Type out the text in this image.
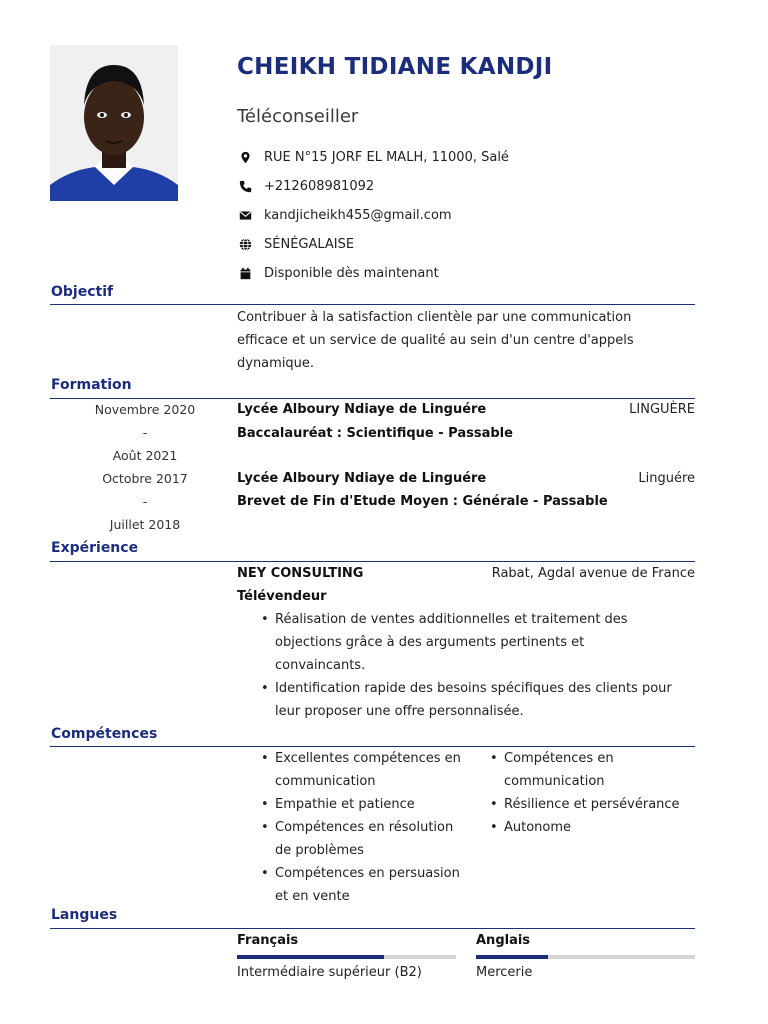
CHEIKH TIDIANE KANDJI
Téléconseiller
RUE N°15 JORF EL MALH, 11000, Salé
+212608981092
kandjicheikh455@gmail.com
SÉNÉGALAISE
Disponible dès maintenant
Objectif
Contribuer à la satisfaction clientèle par une communication efficace et un service de qualité au sein d'un centre d'appels dynamique.
Formation
Novembre 2020
-
Août 2021
Lycée Alboury Ndiaye de Linguére	LINGUÈRE
Baccalauréat : Scientifique - Passable
Octobre 2017
-
Juillet 2018
Lycée Alboury Ndiaye de Linguére	Linguére
Brevet de Fin d'Etude Moyen : Générale - Passable
Expérience
NEY CONSULTING	Rabat, Agdal avenue de France
Télévendeur
• Réalisation de ventes additionnelles et traitement des objections grâce à des arguments pertinents et convaincants.
• Identification rapide des besoins spécifiques des clients pour leur proposer une offre personnalisée.
Compétences
• Excellentes compétences en communication
• Empathie et patience
• Compétences en résolution de problèmes
• Compétences en persuasion et en vente
• Compétences en communication
• Résilience et persévérance
• Autonome
Langues
Français
Intermédiaire supérieur (B2)
Anglais
Mercerie
